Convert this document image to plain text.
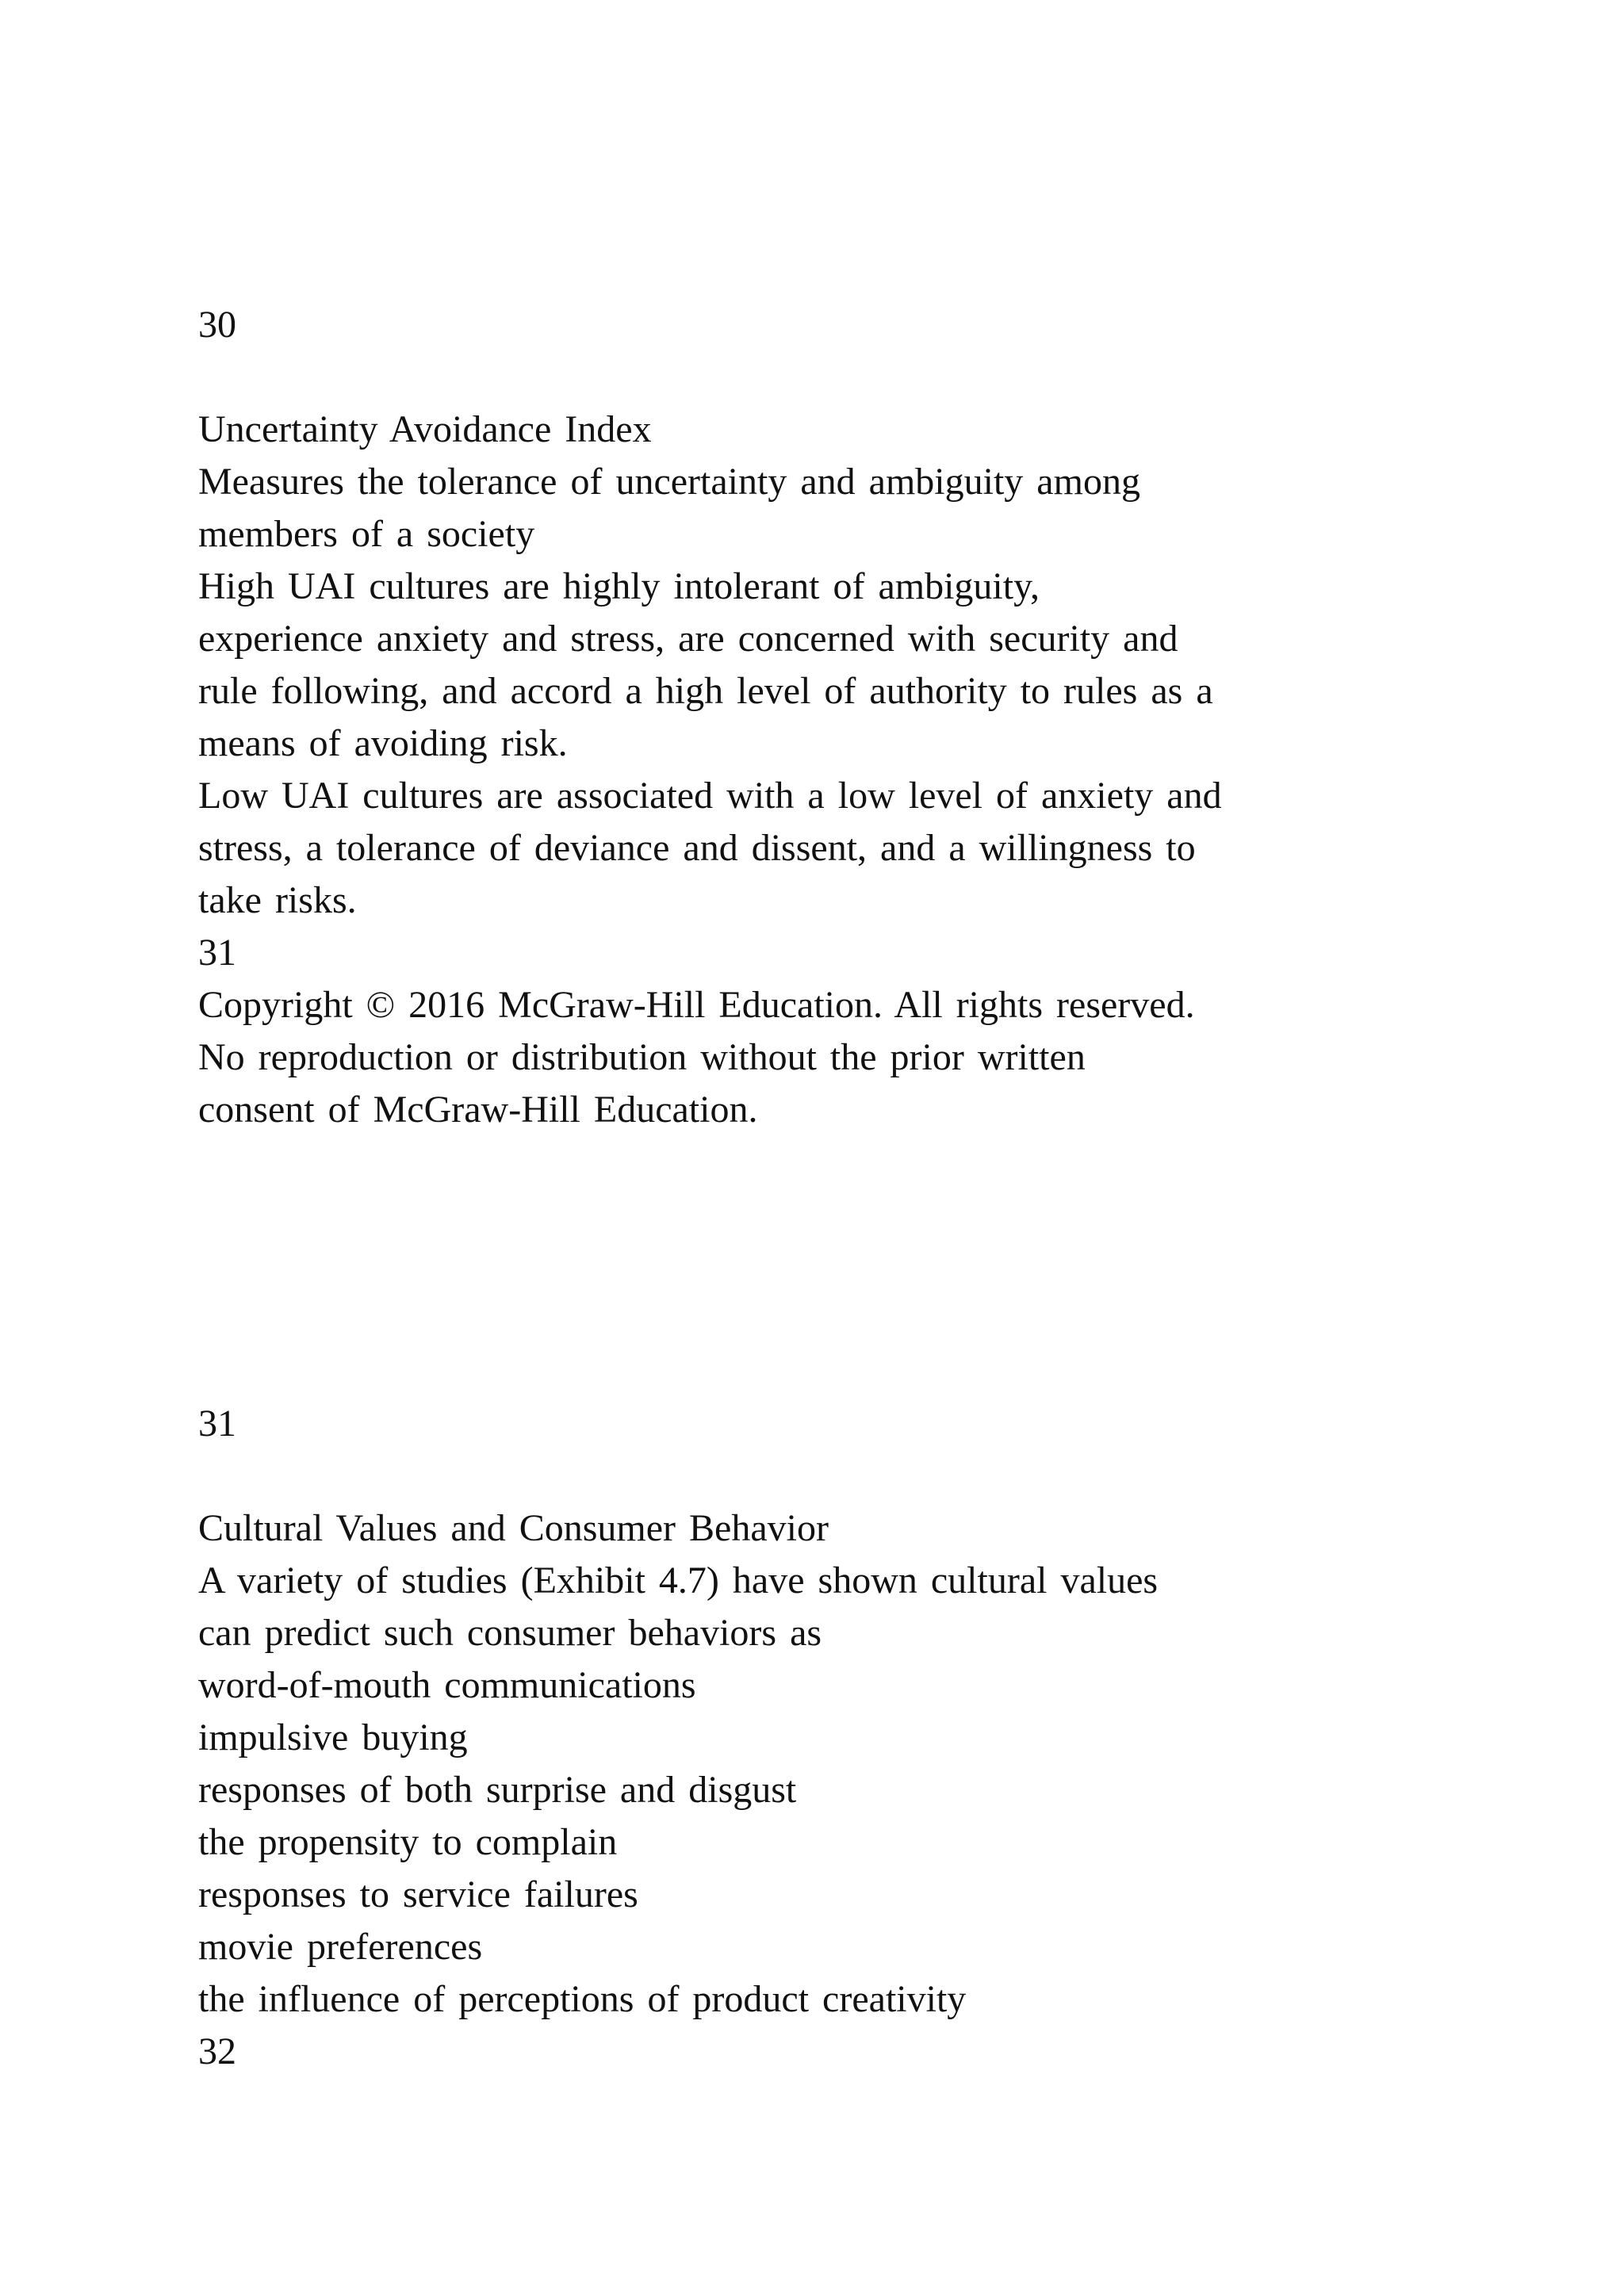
30

Uncertainty Avoidance Index

Measures the tolerance of uncertainty and ambiguity among

members of a society

High UAI cultures are highly intolerant of ambiguity,

experience anxiety and stress, are concerned with security and

rule following, and accord a high level of authority to rules as a

means of avoiding risk.

Low UAI cultures are associated with a low level of anxiety and

stress, a tolerance of deviance and dissent, and a willingness to

take risks.

31

Copyright © 2016 McGraw-Hill Education. All rights reserved.

No reproduction or distribution without the prior written

consent of McGraw-Hill Education.

31

Cultural Values and Consumer Behavior

A variety of studies (Exhibit 4.7) have shown cultural values

can predict such consumer behaviors as

word-of-mouth communications

impulsive buying

responses of both surprise and disgust

the propensity to complain

responses to service failures

movie preferences

the influence of perceptions of product creativity

32
